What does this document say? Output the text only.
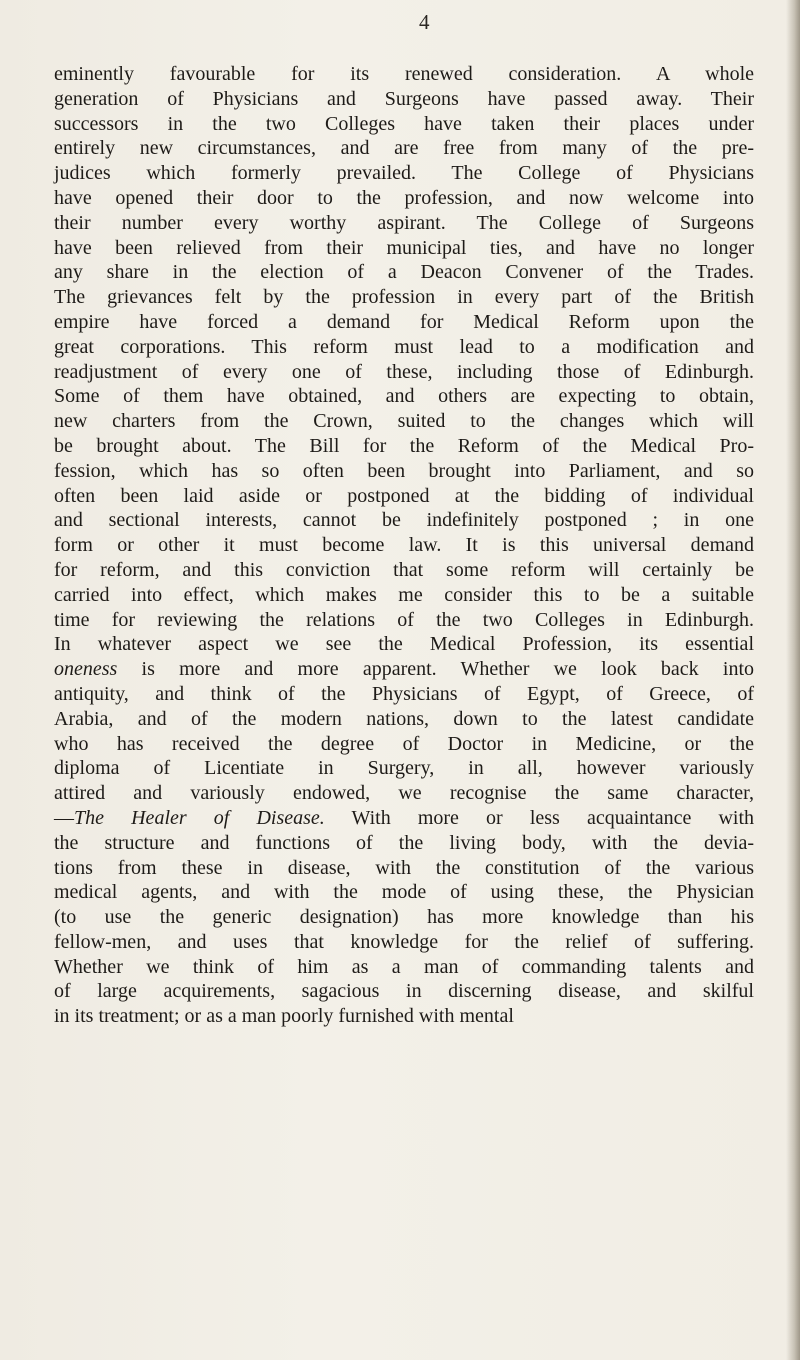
4
eminently favourable for its renewed consideration. A whole
generation of Physicians and Surgeons have passed away. Their
successors in the two Colleges have taken their places under
entirely new circumstances, and are free from many of the pre-
judices which formerly prevailed. The College of Physicians
have opened their door to the profession, and now welcome into
their number every worthy aspirant. The College of Surgeons
have been relieved from their municipal ties, and have no longer
any share in the election of a Deacon Convener of the Trades.
The grievances felt by the profession in every part of the British
empire have forced a demand for Medical Reform upon the
great corporations. This reform must lead to a modification and
readjustment of every one of these, including those of Edinburgh.
Some of them have obtained, and others are expecting to obtain,
new charters from the Crown, suited to the changes which will
be brought about. The Bill for the Reform of the Medical Pro-
fession, which has so often been brought into Parliament, and so
often been laid aside or postponed at the bidding of individual
and sectional interests, cannot be indefinitely postponed ; in one
form or other it must become law. It is this universal demand
for reform, and this conviction that some reform will certainly be
carried into effect, which makes me consider this to be a suitable
time for reviewing the relations of the two Colleges in Edinburgh.
In whatever aspect we see the Medical Profession, its essential
oneness is more and more apparent. Whether we look back into
antiquity, and think of the Physicians of Egypt, of Greece, of
Arabia, and of the modern nations, down to the latest candidate
who has received the degree of Doctor in Medicine, or the
diploma of Licentiate in Surgery, in all, however variously
attired and variously endowed, we recognise the same character,
—The Healer of Disease. With more or less acquaintance with
the structure and functions of the living body, with the devia-
tions from these in disease, with the constitution of the various
medical agents, and with the mode of using these, the Physician
(to use the generic designation) has more knowledge than his
fellow-men, and uses that knowledge for the relief of suffering.
Whether we think of him as a man of commanding talents and
of large acquirements, sagacious in discerning disease, and skilful
in its treatment; or as a man poorly furnished with mental
